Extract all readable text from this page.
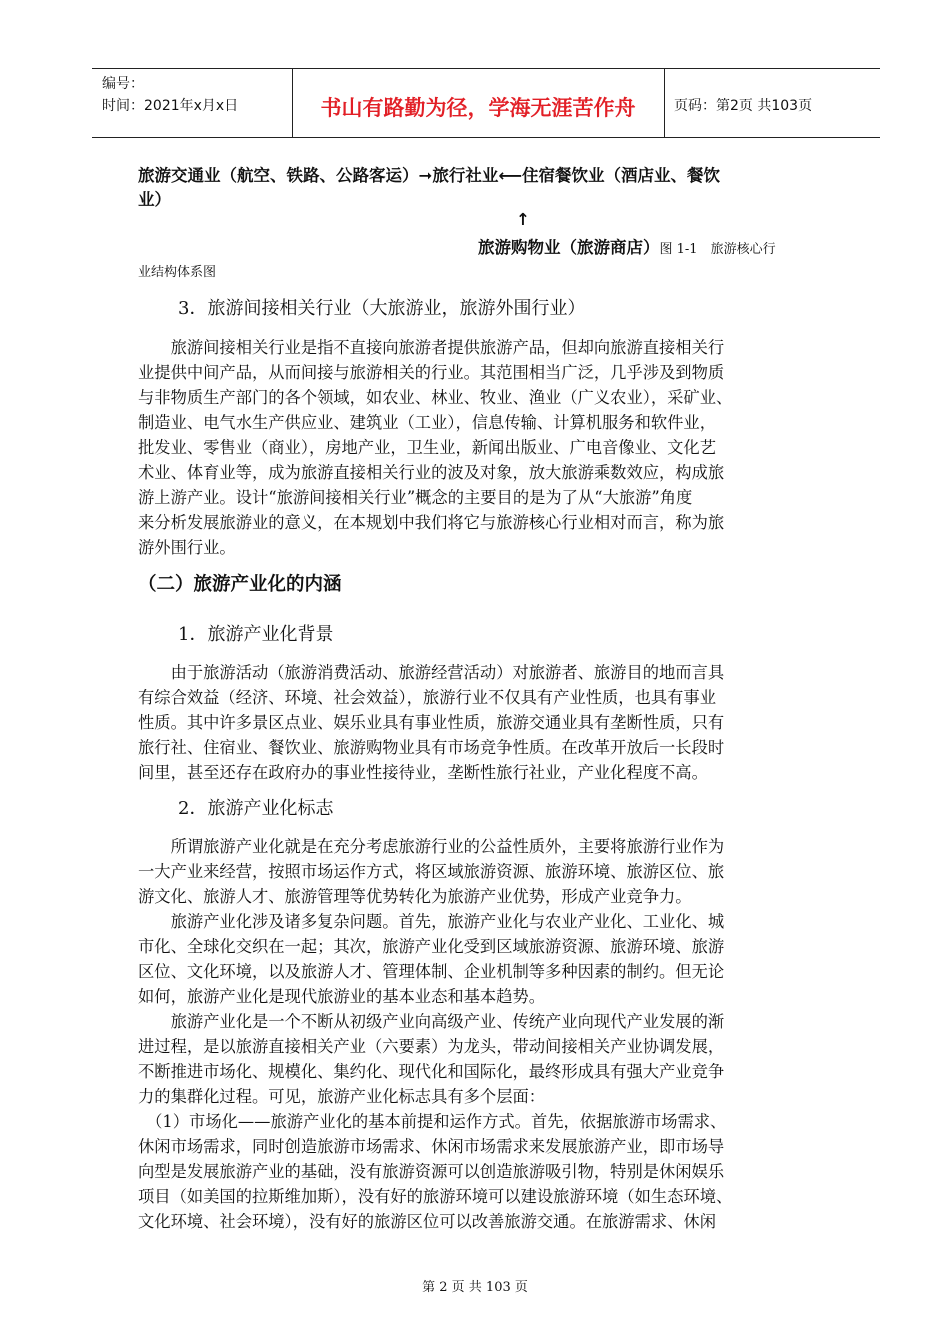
编号：
时间：2021年x月x日	书山有路勤为径，学海无涯苦作舟	页码：第2页 共103页
旅游交通业（航空、铁路、公路客运）➞旅行社业⟵住宿餐饮业（酒店业、餐饮
业）
↑
旅游购物业（旅游商店）图 1-1　旅游核心行
业结构体系图
3．旅游间接相关行业（大旅游业，旅游外围行业）
　　旅游间接相关行业是指不直接向旅游者提供旅游产品，但却向旅游直接相关行
业提供中间产品，从而间接与旅游相关的行业。其范围相当广泛，几乎涉及到物质
与非物质生产部门的各个领域，如农业、林业、牧业、渔业（广义农业），采矿业、
制造业、电气水生产供应业、建筑业（工业），信息传输、计算机服务和软件业，
批发业、零售业（商业），房地产业，卫生业，新闻出版业、广电音像业、文化艺
术业、体育业等，成为旅游直接相关行业的波及对象，放大旅游乘数效应，构成旅
游上游产业。设计“旅游间接相关行业”概念的主要目的是为了从“大旅游”角度
来分析发展旅游业的意义，在本规划中我们将它与旅游核心行业相对而言，称为旅
游外围行业。
（二）旅游产业化的内涵
1．旅游产业化背景
　　由于旅游活动（旅游消费活动、旅游经营活动）对旅游者、旅游目的地而言具
有综合效益（经济、环境、社会效益），旅游行业不仅具有产业性质，也具有事业
性质。其中许多景区点业、娱乐业具有事业性质，旅游交通业具有垄断性质，只有
旅行社、住宿业、餐饮业、旅游购物业具有市场竞争性质。在改革开放后一长段时
间里，甚至还存在政府办的事业性接待业，垄断性旅行社业，产业化程度不高。
2．旅游产业化标志
　　所谓旅游产业化就是在充分考虑旅游行业的公益性质外，主要将旅游行业作为
一大产业来经营，按照市场运作方式，将区域旅游资源、旅游环境、旅游区位、旅
游文化、旅游人才、旅游管理等优势转化为旅游产业优势，形成产业竞争力。
　　旅游产业化涉及诸多复杂问题。首先，旅游产业化与农业产业化、工业化、城
市化、全球化交织在一起；其次，旅游产业化受到区域旅游资源、旅游环境、旅游
区位、文化环境，以及旅游人才、管理体制、企业机制等多种因素的制约。但无论
如何，旅游产业化是现代旅游业的基本业态和基本趋势。
　　旅游产业化是一个不断从初级产业向高级产业、传统产业向现代产业发展的渐
进过程，是以旅游直接相关产业（六要素）为龙头，带动间接相关产业协调发展，
不断推进市场化、规模化、集约化、现代化和国际化，最终形成具有强大产业竞争
力的集群化过程。可见，旅游产业化标志具有多个层面：
　（1）市场化——旅游产业化的基本前提和运作方式。首先，依据旅游市场需求、
休闲市场需求，同时创造旅游市场需求、休闲市场需求来发展旅游产业，即市场导
向型是发展旅游产业的基础，没有旅游资源可以创造旅游吸引物，特别是休闲娱乐
项目（如美国的拉斯维加斯），没有好的旅游环境可以建设旅游环境（如生态环境、
文化环境、社会环境），没有好的旅游区位可以改善旅游交通。在旅游需求、休闲
第 2 页 共 103 页
